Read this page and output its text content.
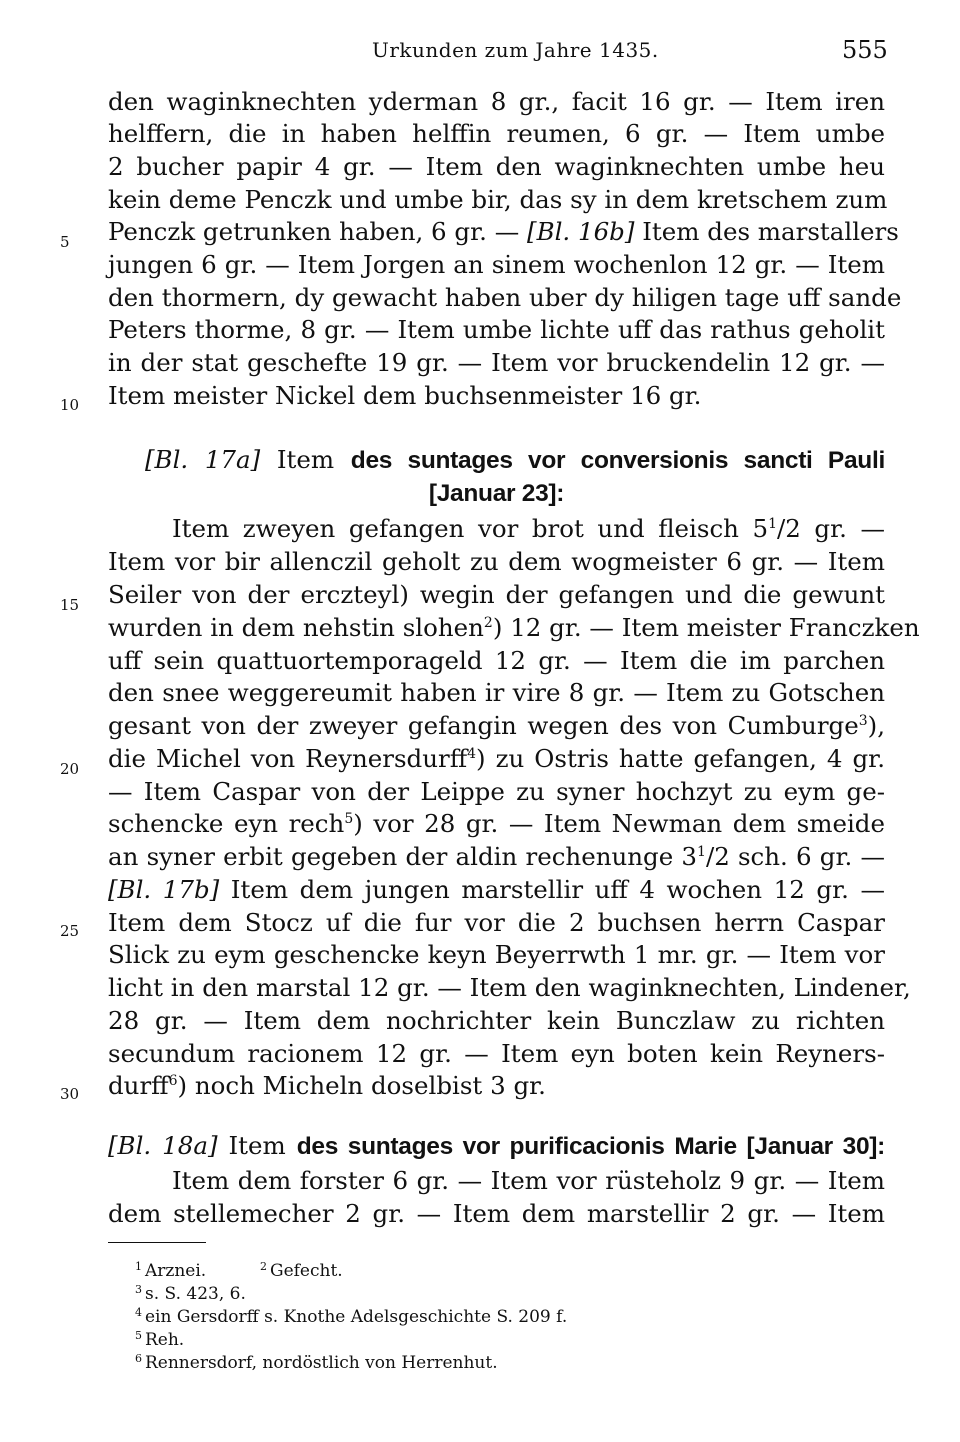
Urkunden zum Jahre 1435.	555
5
10
15
20
25
30
den waginknechten yderman 8 gr., facit 16 gr. — Item iren
helffern, die in haben helffin reumen, 6 gr. — Item umbe
2 bucher papir 4 gr. — Item den waginknechten umbe heu
kein deme Penczk und umbe bir, das sy in dem kretschem zum
Penczk getrunken haben, 6 gr. — [Bl. 16b] Item des marstallers
jungen 6 gr. — Item Jorgen an sinem wochenlon 12 gr. — Item
den thormern, dy gewacht haben uber dy hiligen tage uff sande
Peters thorme, 8 gr. — Item umbe lichte uff das rathus geholit
in der stat geschefte 19 gr. — Item vor bruckendelin 12 gr. —
Item meister Nickel dem buchsenmeister 16 gr.
[Bl. 17a] Item des suntages vor conversionis sancti Pauli
[Januar 23]:
Item zweyen gefangen vor brot und fleisch $5^1/2$ gr. —
Item vor bir allenczil geholt zu dem wogmeister 6 gr. — Item
Seiler von der erczteyl) wegin der gefangen und die gewunt
wurden in dem nehstin slohen$^2$) 12 gr. — Item meister Franczken
uff sein quattuortemporageld 12 gr. — Item die im parchen
den snee weggereumit haben ir vire 8 gr. — Item zu Gotschen
gesant von der zweyer gefangin wegen des von Cumburge$^3$),
die Michel von Reynersdurff$^4$) zu Ostris hatte gefangen, 4 gr.
— Item Caspar von der Leippe zu syner hochzyt zu eym ge-
schencke eyn rech$^5$) vor 28 gr. — Item Newman dem smeide
an syner erbit gegeben der aldin rechenunge $3^1/2$ sch. 6 gr. —
[Bl. 17b] Item dem jungen marstellir uff 4 wochen 12 gr. —
Item dem Stocz uf die fur vor die 2 buchsen herrn Caspar
Slick zu eym geschencke keyn Beyerrwth 1 mr. gr. — Item vor
licht in den marstal 12 gr. — Item den waginknechten, Lindener,
28 gr. — Item dem nochrichter kein Bunczlaw zu richten
secundum racionem 12 gr. — Item eyn boten kein Reyners-
durff$^6$) noch Micheln doselbist 3 gr.
[Bl. 18a] Item des suntages vor purificacionis Marie [Januar 30]:
Item dem forster 6 gr. — Item vor rüsteholz 9 gr. — Item
dem stellemecher 2 gr. — Item dem marstellir 2 gr. — Item
$^1$ Arznei.	$^2$ Gefecht.
$^3$ s. S. 423, 6.
$^4$ ein Gersdorff s. Knothe Adelsgeschichte S. 209 f.
$^5$ Reh.
$^6$ Rennersdorf, nordöstlich von Herrenhut.
